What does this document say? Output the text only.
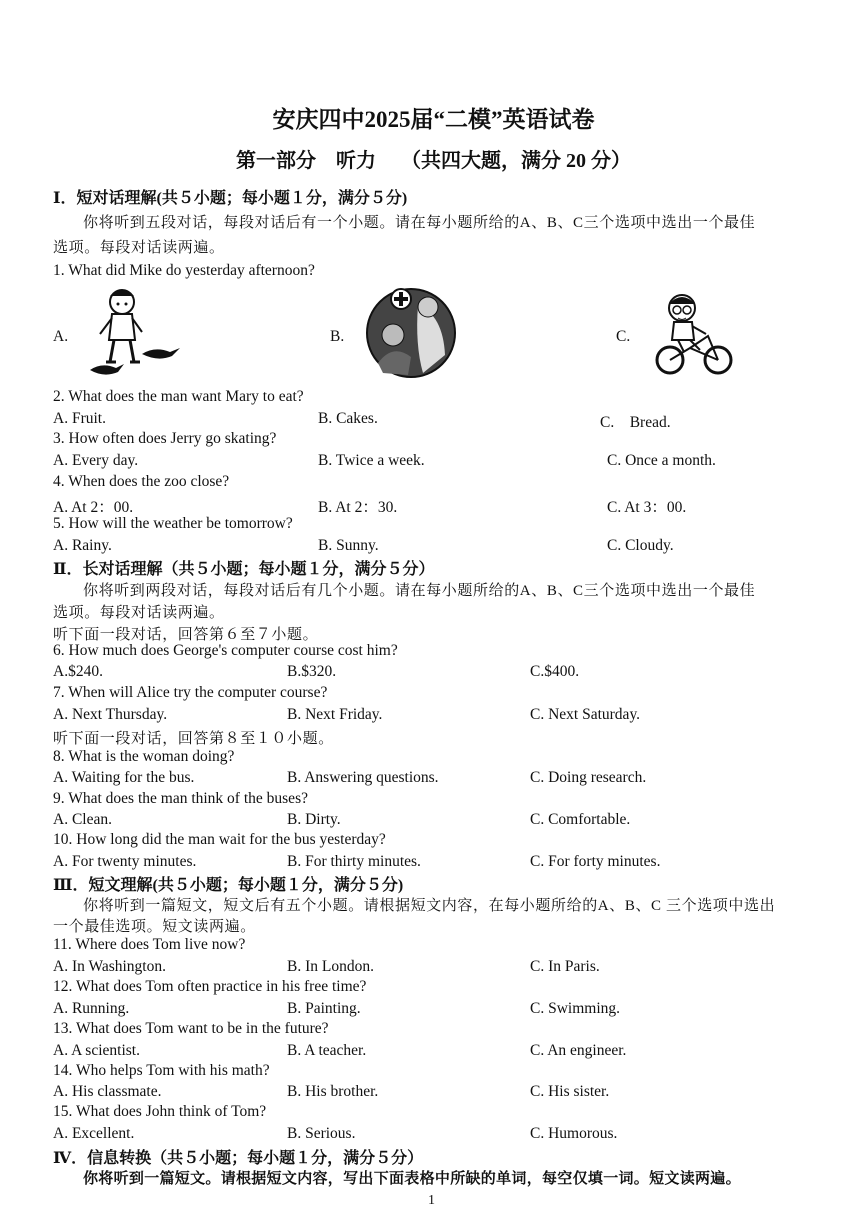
安庆四中2025届“二模”英语试卷
第一部分　听力　 （共四大题，满分 20 分）
Ⅰ．短对话理解(共５小题；每小题１分，满分５分)
你将听到五段对话，每段对话后有一个小题。请在每小题所给的A、B、C三个选项中选出一个最佳
选项。每段对话读两遍。
1. What did Mike do yesterday afternoon?
A.	B.	C.
2. What does the man want Mary to eat?
A. Fruit.	B. Cakes.	C.　Bread.
3. How often does Jerry go skating?
A. Every day.	B. Twice a week.	C. Once a month.
4. When does the zoo close?
A. At 2：00.	B. At 2：30.	C. At 3：00.
5. How will the weather be tomorrow?
A. Rainy.	B. Sunny.	C. Cloudy.
Ⅱ．长对话理解（共５小题；每小题１分，满分５分）
你将听到两段对话，每段对话后有几个小题。请在每小题所给的A、B、C三个选项中选出一个最佳
选项。每段对话读两遍。
听下面一段对话，回答第６至７小题。
6. How much does George's computer course cost him?
A.$240.	B.$320.	C.$400.
7. When will Alice try the computer course?
A. Next Thursday.	B. Next Friday.	C. Next Saturday.
听下面一段对话，回答第８至１０小题。
8. What is the woman doing?
A. Waiting for the bus.	B. Answering questions.	C. Doing research.
9. What does the man think of the buses?
A. Clean.	B. Dirty.	C. Comfortable.
10. How long did the man wait for the bus yesterday?
A. For twenty minutes.	B. For thirty minutes.	C. For forty minutes.
Ⅲ．短文理解(共５小题；每小题１分，满分５分)
你将听到一篇短文，短文后有五个小题。请根据短文内容，在每小题所给的A、B、C 三个选项中选出
一个最佳选项。短文读两遍。
11. Where does Tom live now?
A. In Washington.	B. In London.	C. In Paris.
12. What does Tom often practice in his free time?
A. Running.	B. Painting.	C. Swimming.
13. What does Tom want to be in the future?
A. A scientist.	B. A teacher.	C. An engineer.
14. Who helps Tom with his math?
A. His classmate.	B. His brother.	C. His sister.
15. What does John think of Tom?
A. Excellent.	B. Serious.	C. Humorous.
Ⅳ．信息转换（共５小题；每小题１分，满分５分）
你将听到一篇短文。请根据短文内容，写出下面表格中所缺的单词，每空仅填一词。短文读两遍。
1
